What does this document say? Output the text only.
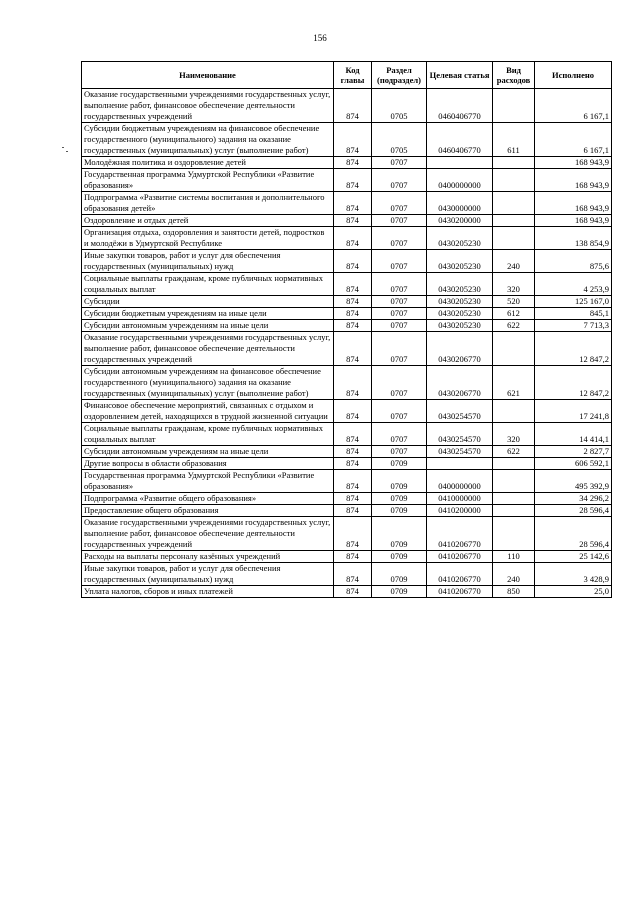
156
Наименование	Код главы	Раздел (подраздел)	Целевая статья	Вид расходов	Исполнено
Оказание государственными учреждениями государственных услуг, выполнение работ, финансовое обеспечение деятельности государственных учреждений	874	0705	0460406770		6 167,1
Субсидии бюджетным учреждениям на финансовое обеспечение государственного (муниципального) задания на оказание государственных (муниципальных) услуг (выполнение работ)	874	0705	0460406770	611	6 167,1
Молодёжная политика и оздоровление детей	874	0707			168 943,9
Государственная программа Удмуртской Республики «Развитие образования»	874	0707	0400000000		168 943,9
Подпрограмма «Развитие системы воспитания и дополнительного образования детей»	874	0707	0430000000		168 943,9
Оздоровление и отдых детей	874	0707	0430200000		168 943,9
Организация отдыха, оздоровления и занятости детей, подростков и молодёжи в Удмуртской Республике	874	0707	0430205230		138 854,9
Иные закупки товаров, работ и услуг для обеспечения государственных (муниципальных) нужд	874	0707	0430205230	240	875,6
Социальные выплаты гражданам, кроме публичных нормативных социальных выплат	874	0707	0430205230	320	4 253,9
Субсидии	874	0707	0430205230	520	125 167,0
Субсидии бюджетным учреждениям на иные цели	874	0707	0430205230	612	845,1
Субсидии автономным учреждениям на иные цели	874	0707	0430205230	622	7 713,3
Оказание государственными учреждениями государственных услуг, выполнение работ, финансовое обеспечение деятельности государственных учреждений	874	0707	0430206770		12 847,2
Субсидии автономным учреждениям на финансовое обеспечение государственного (муниципального) задания на оказание государственных (муниципальных) услуг (выполнение работ)	874	0707	0430206770	621	12 847,2
Финансовое обеспечение мероприятий, связанных с отдыхом и оздоровлением детей, находящихся в трудной жизненной ситуации	874	0707	0430254570		17 241,8
Социальные выплаты гражданам, кроме публичных нормативных социальных выплат	874	0707	0430254570	320	14 414,1
Субсидии автономным учреждениям на иные цели	874	0707	0430254570	622	2 827,7
Другие вопросы в области образования	874	0709			606 592,1
Государственная программа Удмуртской Республики «Развитие образования»	874	0709	0400000000		495 392,9
Подпрограмма «Развитие общего образования»	874	0709	0410000000		34 296,2
Предоставление общего образования	874	0709	0410200000		28 596,4
Оказание государственными учреждениями государственных услуг, выполнение работ, финансовое обеспечение деятельности государственных учреждений	874	0709	0410206770		28 596,4
Расходы на выплаты персоналу казённых учреждений	874	0709	0410206770	110	25 142,6
Иные закупки товаров, работ и услуг для обеспечения государственных (муниципальных) нужд	874	0709	0410206770	240	3 428,9
Уплата налогов, сборов и иных платежей	874	0709	0410206770	850	25,0
